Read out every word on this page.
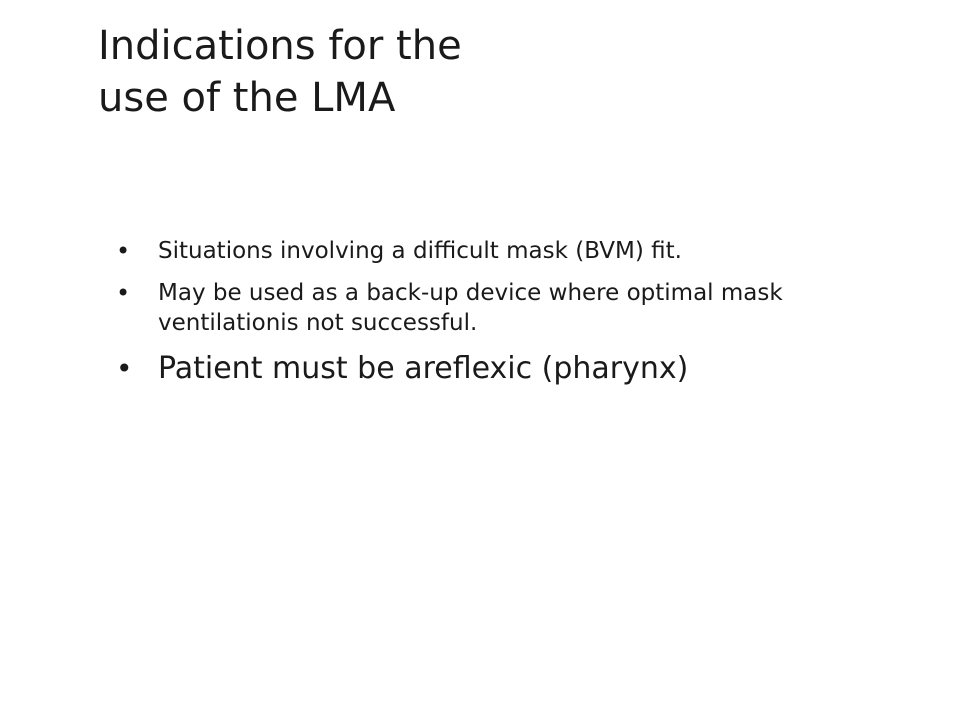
Indications for the
use of the LMA
•	Situations involving a difficult mask (BVM) fit.
•	May be used as a back-up device where optimal mask ventilationis not successful.
• Patient must be areflexic (pharynx)
